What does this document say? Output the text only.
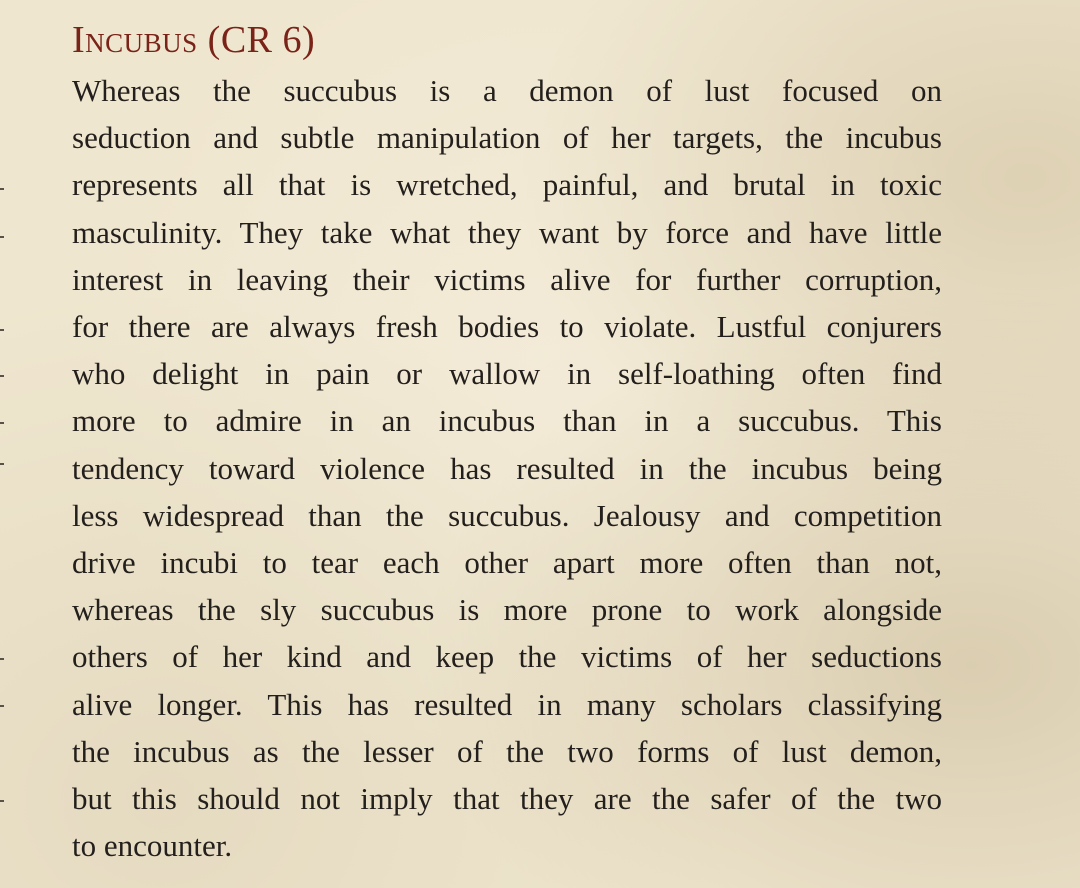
Incubus (CR 6)
Whereas the succubus is a demon of lust focused on
seduction and subtle manipulation of her targets, the incubus
represents all that is wretched, painful, and brutal in toxic
masculinity. They take what they want by force and have little
interest in leaving their victims alive for further corruption,
for there are always fresh bodies to violate. Lustful conjurers
who delight in pain or wallow in self-loathing often find
more to admire in an incubus than in a succubus. This
tendency toward violence has resulted in the incubus being
less widespread than the succubus. Jealousy and competition
drive incubi to tear each other apart more often than not,
whereas the sly succubus is more prone to work alongside
others of her kind and keep the victims of her seductions
alive longer. This has resulted in many scholars classifying
the incubus as the lesser of the two forms of lust demon,
but this should not imply that they are the safer of the two
to encounter.
